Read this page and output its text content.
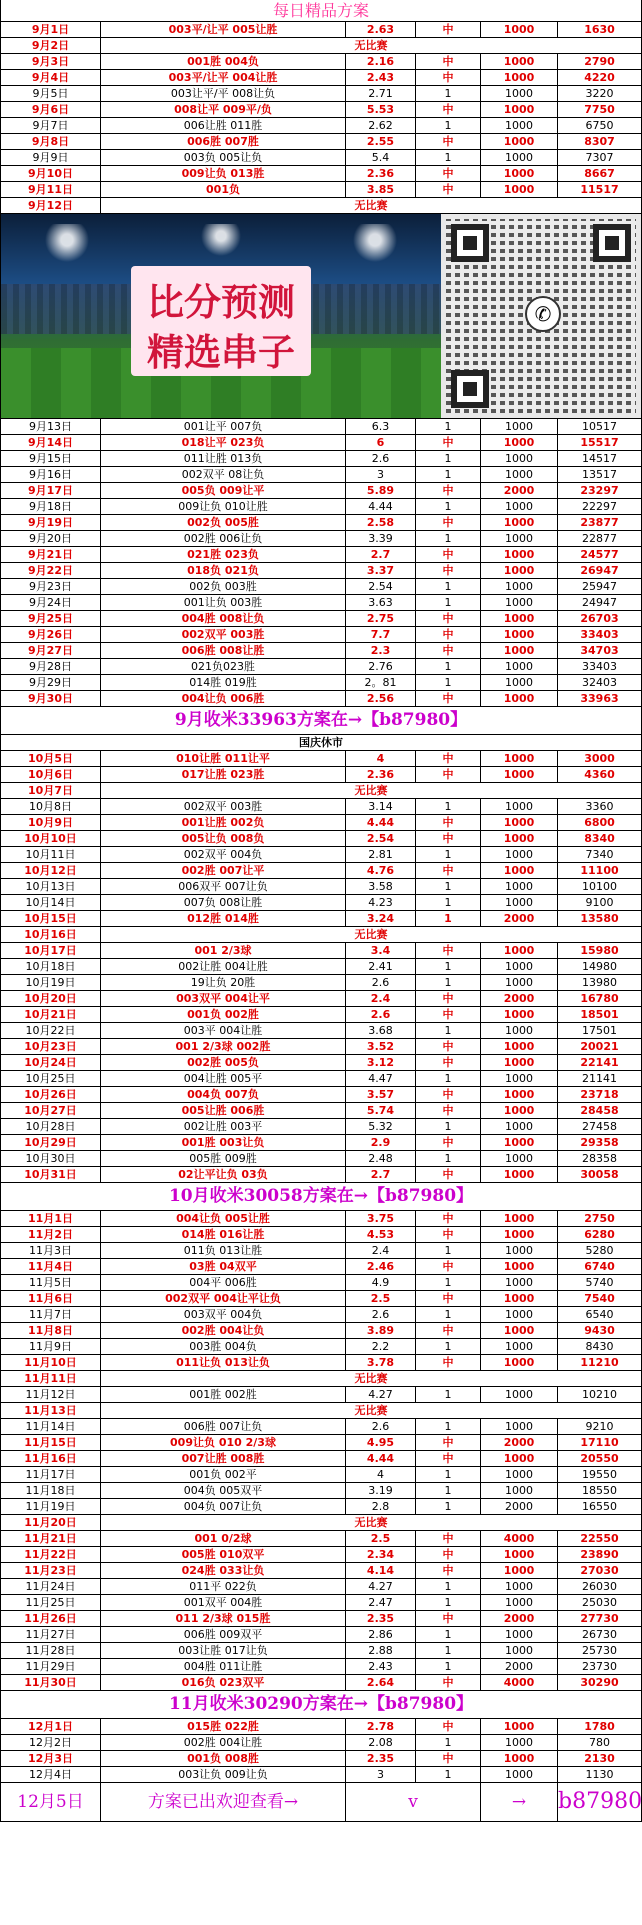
每日精品方案
9月1日	003平/让平 005让胜	2.63	中	1000	1630
9月2日	无比赛
9月3日	001胜 004负	2.16	中	1000	2790
9月4日	003平/让平 004让胜	2.43	中	1000	4220
9月5日	003让平/平 008让负	2.71	1	1000	3220
9月6日	008让平 009平/负	5.53	中	1000	7750
9月7日	006让胜 011胜	2.62	1	1000	6750
9月8日	006胜 007胜	2.55	中	1000	8307
9月9日	003负 005让负	5.4	1	1000	7307
9月10日	009让负 013胜	2.36	中	1000	8667
9月11日	001负	3.85	中	1000	11517
9月12日	无比赛
比分预测
精选串子
✆
9月13日	001让平 007负	6.3	1	1000	10517
9月14日	018让平 023负	6	中	1000	15517
9月15日	011让胜 013负	2.6	1	1000	14517
9月16日	002双平 08让负	3	1	1000	13517
9月17日	005负 009让平	5.89	中	2000	23297
9月18日	009让负 010让胜	4.44	1	1000	22297
9月19日	002负 005胜	2.58	中	1000	23877
9月20日	002胜 006让负	3.39	1	1000	22877
9月21日	021胜 023负	2.7	中	1000	24577
9月22日	018负 021负	3.37	中	1000	26947
9月23日	002负 003胜	2.54	1	1000	25947
9月24日	001让负 003胜	3.63	1	1000	24947
9月25日	004胜 008让负	2.75	中	1000	26703
9月26日	002双平 003胜	7.7	中	1000	33403
9月27日	006胜 008让胜	2.3	中	1000	34703
9月28日	021负023胜	2.76	1	1000	33403
9月29日	014胜 019胜	2。81	1	1000	32403
9月30日	004让负 006胜	2.56	中	1000	33963
9月收米33963方案在→【b87980】
国庆休市
10月5日	010让胜 011让平	4	中	1000	3000
10月6日	017让胜 023胜	2.36	中	1000	4360
10月7日	无比赛
10月8日	002双平 003胜	3.14	1	1000	3360
10月9日	001让胜 002负	4.44	中	1000	6800
10月10日	005让负 008负	2.54	中	1000	8340
10月11日	002双平 004负	2.81	1	1000	7340
10月12日	002胜 007让平	4.76	中	1000	11100
10月13日	006双平 007让负	3.58	1	1000	10100
10月14日	007负 008让胜	4.23	1	1000	9100
10月15日	012胜 014胜	3.24	1	2000	13580
10月16日	无比赛
10月17日	001 2/3球	3.4	中	1000	15980
10月18日	002让胜 004让胜	2.41	1	1000	14980
10月19日	19让负 20胜	2.6	1	1000	13980
10月20日	003双平 004让平	2.4	中	2000	16780
10月21日	001负 002胜	2.6	中	1000	18501
10月22日	003平 004让胜	3.68	1	1000	17501
10月23日	001 2/3球 002胜	3.52	中	1000	20021
10月24日	002胜 005负	3.12	中	1000	22141
10月25日	004让胜 005平	4.47	1	1000	21141
10月26日	004负 007负	3.57	中	1000	23718
10月27日	005让胜 006胜	5.74	中	1000	28458
10月28日	002让胜 003平	5.32	1	1000	27458
10月29日	001胜 003让负	2.9	中	1000	29358
10月30日	005胜 009胜	2.48	1	1000	28358
10月31日	02让平让负 03负	2.7	中	1000	30058
10月收米30058方案在→【b87980】
11月1日	004让负 005让胜	3.75	中	1000	2750
11月2日	014胜 016让胜	4.53	中	1000	6280
11月3日	011负 013让胜	2.4	1	1000	5280
11月4日	03胜 04双平	2.46	中	1000	6740
11月5日	004平 006胜	4.9	1	1000	5740
11月6日	002双平 004让平让负	2.5	中	1000	7540
11月7日	003双平 004负	2.6	1	1000	6540
11月8日	002胜 004让负	3.89	中	1000	9430
11月9日	003胜 004负	2.2	1	1000	8430
11月10日	011让负 013让负	3.78	中	1000	11210
11月11日	无比赛
11月12日	001胜 002胜	4.27	1	1000	10210
11月13日	无比赛
11月14日	006胜 007让负	2.6	1	1000	9210
11月15日	009让负 010 2/3球	4.95	中	2000	17110
11月16日	007让胜 008胜	4.44	中	1000	20550
11月17日	001负 002平	4	1	1000	19550
11月18日	004负 005双平	3.19	1	1000	18550
11月19日	004负 007让负	2.8	1	2000	16550
11月20日	无比赛
11月21日	001 0/2球	2.5	中	4000	22550
11月22日	005胜 010双平	2.34	中	1000	23890
11月23日	024胜 033让负	4.14	中	1000	27030
11月24日	011平 022负	4.27	1	1000	26030
11月25日	001双平 004胜	2.47	1	1000	25030
11月26日	011 2/3球 015胜	2.35	中	2000	27730
11月27日	006胜 009双平	2.86	1	1000	26730
11月28日	003让胜 017让负	2.88	1	1000	25730
11月29日	004胜 011让胜	2.43	1	2000	23730
11月30日	016负 023双平	2.64	中	4000	30290
11月收米30290方案在→【b87980】
12月1日	015胜 022胜	2.78	中	1000	1780
12月2日	002胜 004让胜	2.08	1	1000	780
12月3日	001负 008胜	2.35	中	1000	2130
12月4日	003让负 009让负	3	1	1000	1130
12月5日	方案已出欢迎查看→	v	→	b87980
